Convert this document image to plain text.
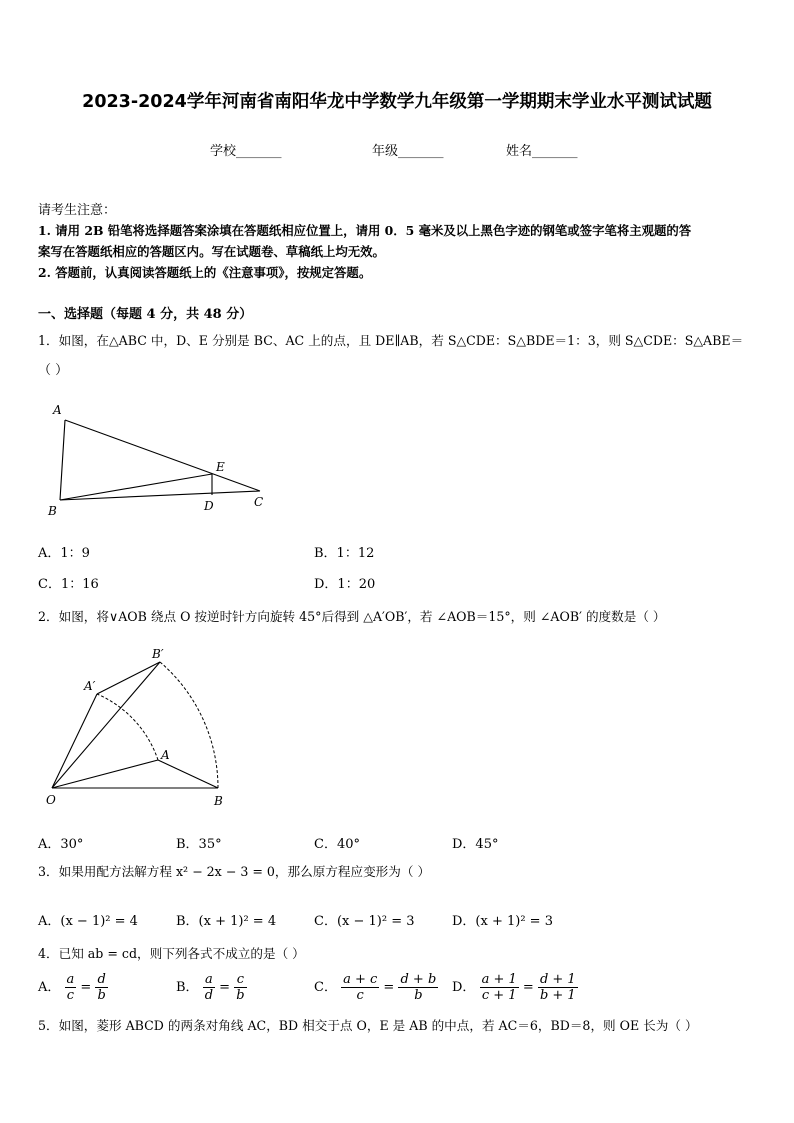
2023-2024学年河南省南阳华龙中学数学九年级第一学期期末学业水平测试试题
学校_______	年级_______	姓名_______
请考生注意：
1. 请用 2B 铅笔将选择题答案涂填在答题纸相应位置上，请用 0．5 毫米及以上黑色字迹的钢笔或签字笔将主观题的答
案写在答题纸相应的答题区内。写在试题卷、草稿纸上均无效。
2. 答题前，认真阅读答题纸上的《注意事项》，按规定答题。
一、选择题（每题 4 分，共 48 分）
1．如图，在△ABC 中，D、E 分别是 BC、AC 上的点，且 DE∥AB，若 S△CDE：S△BDE＝1：3，则 S△CDE：S△ABE＝
（ ）
A
B
C
D
E
A．1：9	B．1：12
C．1：16	D．1：20
2．如图，将∨AOB 绕点 O 按逆时针方向旋转 45°后得到 △A′OB′，若 ∠AOB＝15°，则 ∠AOB′ 的度数是（ ）
B′
A′
A
O	B
A．30°	B．35°	C．40°	D．45°
3．如果用配方法解方程 x² − 2x − 3 = 0，那么原方程应变形为（ ）
A．(x − 1)² = 4	B．(x + 1)² = 4	C．(x − 1)² = 3	D．(x + 1)² = 3
4．已知 ab = cd，则下列各式不成立的是（ ）
A． $\frac{a}{c} = \frac{d}{b}$	B． $\frac{a}{d} = \frac{c}{b}$	C． $\frac{a + c}{c} = \frac{d + b}{b}$ D． $\frac{a + 1}{c + 1} = \frac{d + 1}{b + 1}$
5．如图，菱形 ABCD 的两条对角线 AC，BD 相交于点 O，E 是 AB 的中点，若 AC＝6，BD＝8，则 OE 长为（ ）
